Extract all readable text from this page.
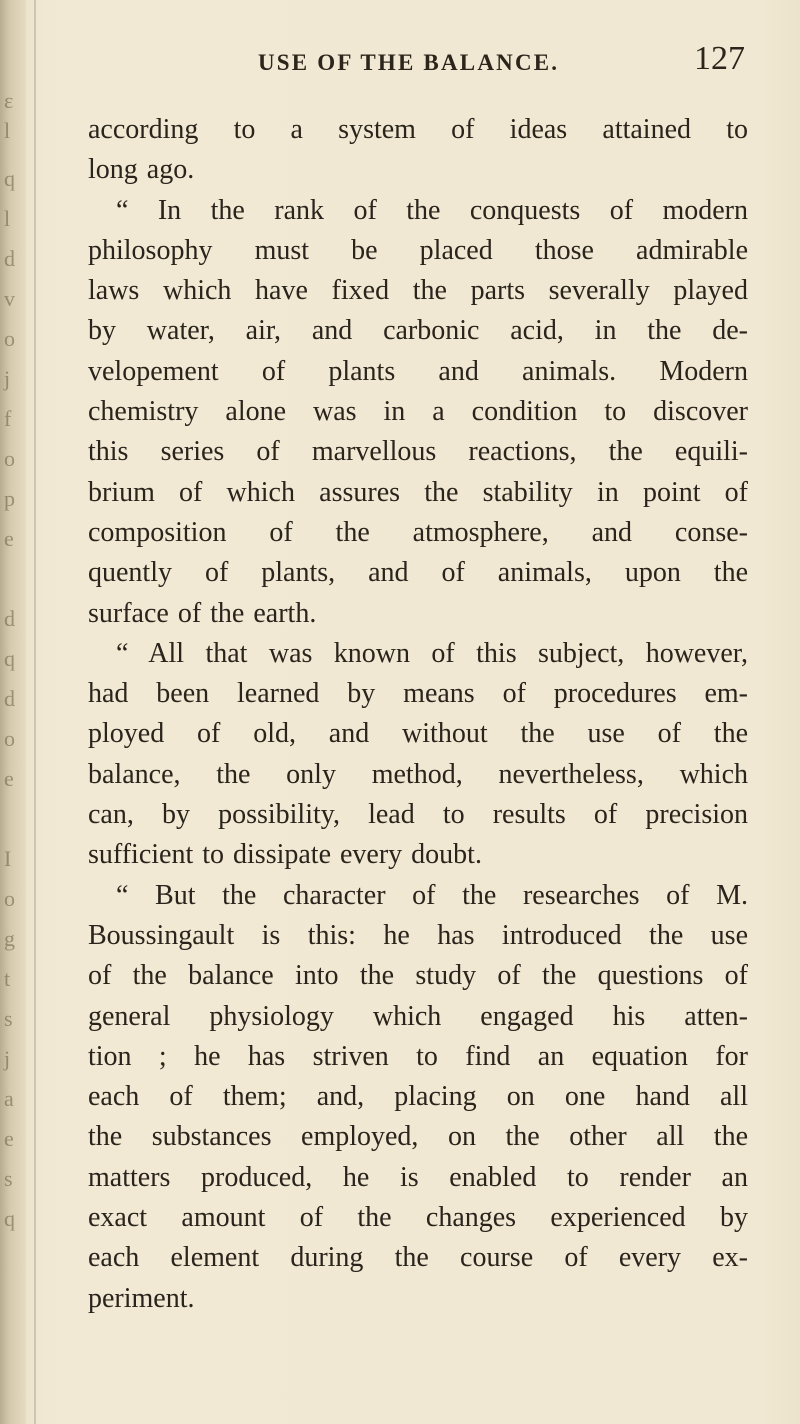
ε
l
q
l
d
v
o
j
f
o
p
e
d
q
d
o
e
I
o
g
t
s
j
a
e
s
q
USE OF THE BALANCE.	127
according to a system of ideas attained to
long ago.
“ In the rank of the conquests of modern
philosophy must be placed those admirable
laws which have fixed the parts severally played
by water, air, and carbonic acid, in the de-
velopement of plants and animals. Modern
chemistry alone was in a condition to discover
this series of marvellous reactions, the equili-
brium of which assures the stability in point of
composition of the atmosphere, and conse-
quently of plants, and of animals, upon the
surface of the earth.
“ All that was known of this subject, however,
had been learned by means of procedures em-
ployed of old, and without the use of the
balance, the only method, nevertheless, which
can, by possibility, lead to results of precision
sufficient to dissipate every doubt.
“ But the character of the researches of M.
Boussingault is this: he has introduced the use
of the balance into the study of the questions of
general physiology which engaged his atten-
tion ; he has striven to find an equation for
each of them; and, placing on one hand all
the substances employed, on the other all the
matters produced, he is enabled to render an
exact amount of the changes experienced by
each element during the course of every ex-
periment.
